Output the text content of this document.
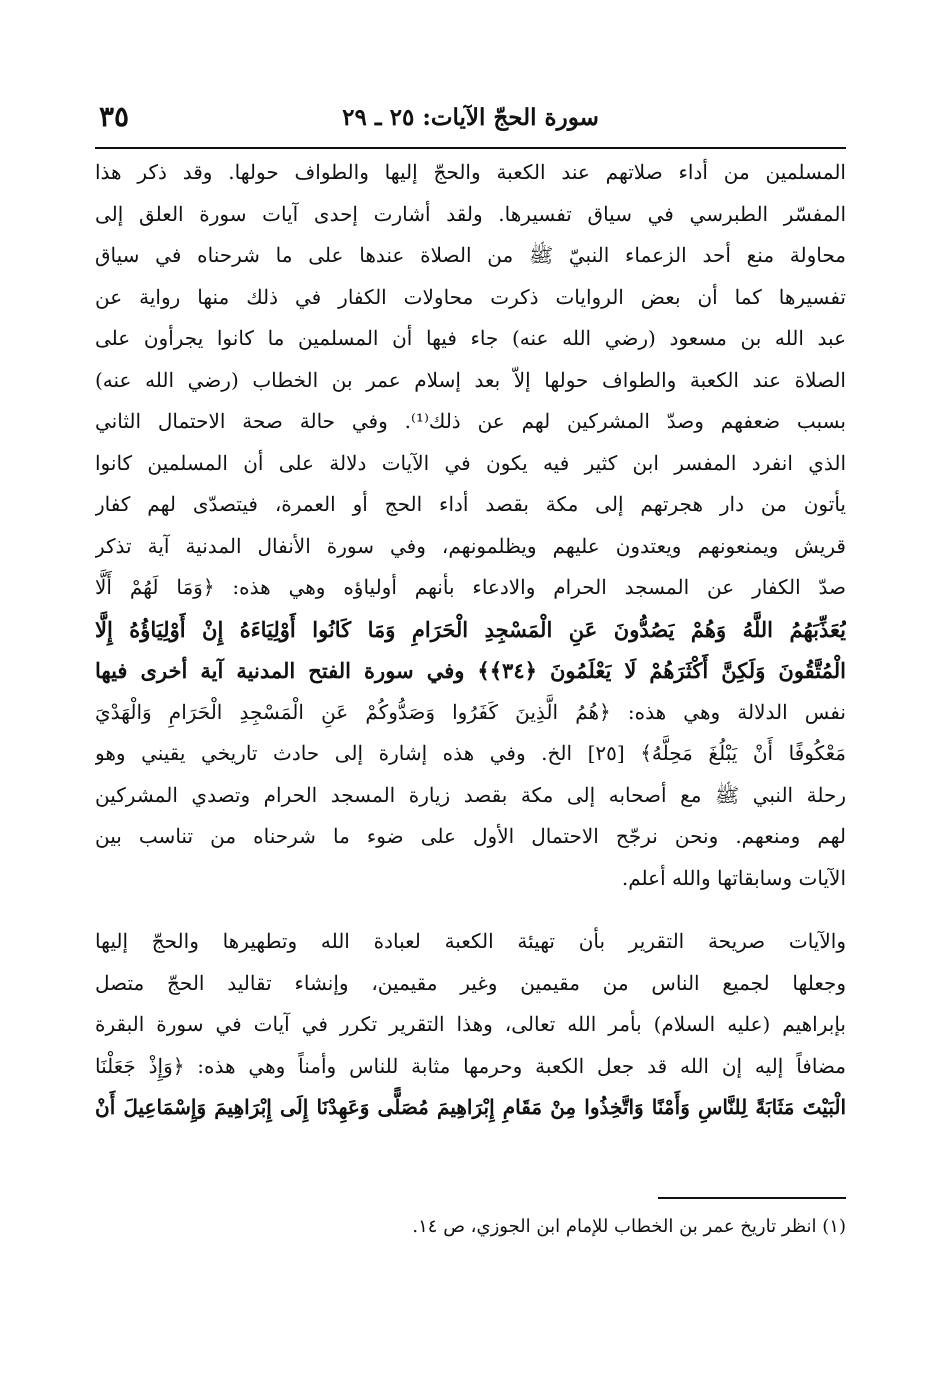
سورة الحجّ الآيات: ٢٥ ـ ٢٩
٣٥
المسلمين من أداء صلاتهم عند الكعبة والحجّ إليها والطواف حولها. وقد ذكر هذا
المفسّر الطبرسي في سياق تفسيرها. ولقد أشارت إحدى آيات سورة العلق إلى
محاولة منع أحد الزعماء النبيّ ﷺ من الصلاة عندها على ما شرحناه في سياق
تفسيرها كما أن بعض الروايات ذكرت محاولات الكفار في ذلك منها رواية عن
عبد الله بن مسعود (رضي الله عنه) جاء فيها أن المسلمين ما كانوا يجرأون على
الصلاة عند الكعبة والطواف حولها إلاّ بعد إسلام عمر بن الخطاب (رضي الله عنه)
بسبب ضعفهم وصدّ المشركين لهم عن ذلك⁽¹⁾. وفي حالة صحة الاحتمال الثاني
الذي انفرد المفسر ابن كثير فيه يكون في الآيات دلالة على أن المسلمين كانوا
يأتون من دار هجرتهم إلى مكة بقصد أداء الحج أو العمرة، فيتصدّى لهم كفار
قريش ويمنعونهم ويعتدون عليهم ويظلمونهم، وفي سورة الأنفال المدنية آية تذكر
صدّ الكفار عن المسجد الحرام والادعاء بأنهم أولياؤه وهي هذه: ﴿وَمَا لَهُمْ أَلَّا
يُعَذِّبَهُمُ اللَّهُ وَهُمْ يَصُدُّونَ عَنِ الْمَسْجِدِ الْحَرَامِ وَمَا كَانُوا أَوْلِيَاءَهُ إِنْ أَوْلِيَاؤُهُ إِلَّا
الْمُتَّقُونَ وَلَكِنَّ أَكْثَرَهُمْ لَا يَعْلَمُونَ ﴿٣٤﴾﴾ وفي سورة الفتح المدنية آية أخرى فيها
نفس الدلالة وهي هذه: ﴿هُمُ الَّذِينَ كَفَرُوا وَصَدُّوكُمْ عَنِ الْمَسْجِدِ الْحَرَامِ وَالْهَدْيَ
مَعْكُوفًا أَنْ يَبْلُغَ مَحِلَّهُ﴾ [٢٥] الخ. وفي هذه إشارة إلى حادث تاريخي يقيني وهو
رحلة النبي ﷺ مع أصحابه إلى مكة بقصد زيارة المسجد الحرام وتصدي المشركين
لهم ومنعهم. ونحن نرجّح الاحتمال الأول على ضوء ما شرحناه من تناسب بين
الآيات وسابقاتها والله أعلم.
والآيات صريحة التقرير بأن تهيئة الكعبة لعبادة الله وتطهيرها والحجّ إليها
وجعلها لجميع الناس من مقيمين وغير مقيمين، وإنشاء تقاليد الحجّ متصل
بإبراهيم (عليه السلام) بأمر الله تعالى، وهذا التقرير تكرر في آيات في سورة البقرة
مضافاً إليه إن الله قد جعل الكعبة وحرمها مثابة للناس وأمناً وهي هذه: ﴿وَإِذْ جَعَلْنَا
الْبَيْتَ مَثَابَةً لِلنَّاسِ وَأَمْنًا وَاتَّخِذُوا مِنْ مَقَامِ إِبْرَاهِيمَ مُصَلًّى وَعَهِدْنَا إِلَى إِبْرَاهِيمَ وَإِسْمَاعِيلَ أَنْ
(١) انظر تاريخ عمر بن الخطاب للإمام ابن الجوزي، ص ١٤.
